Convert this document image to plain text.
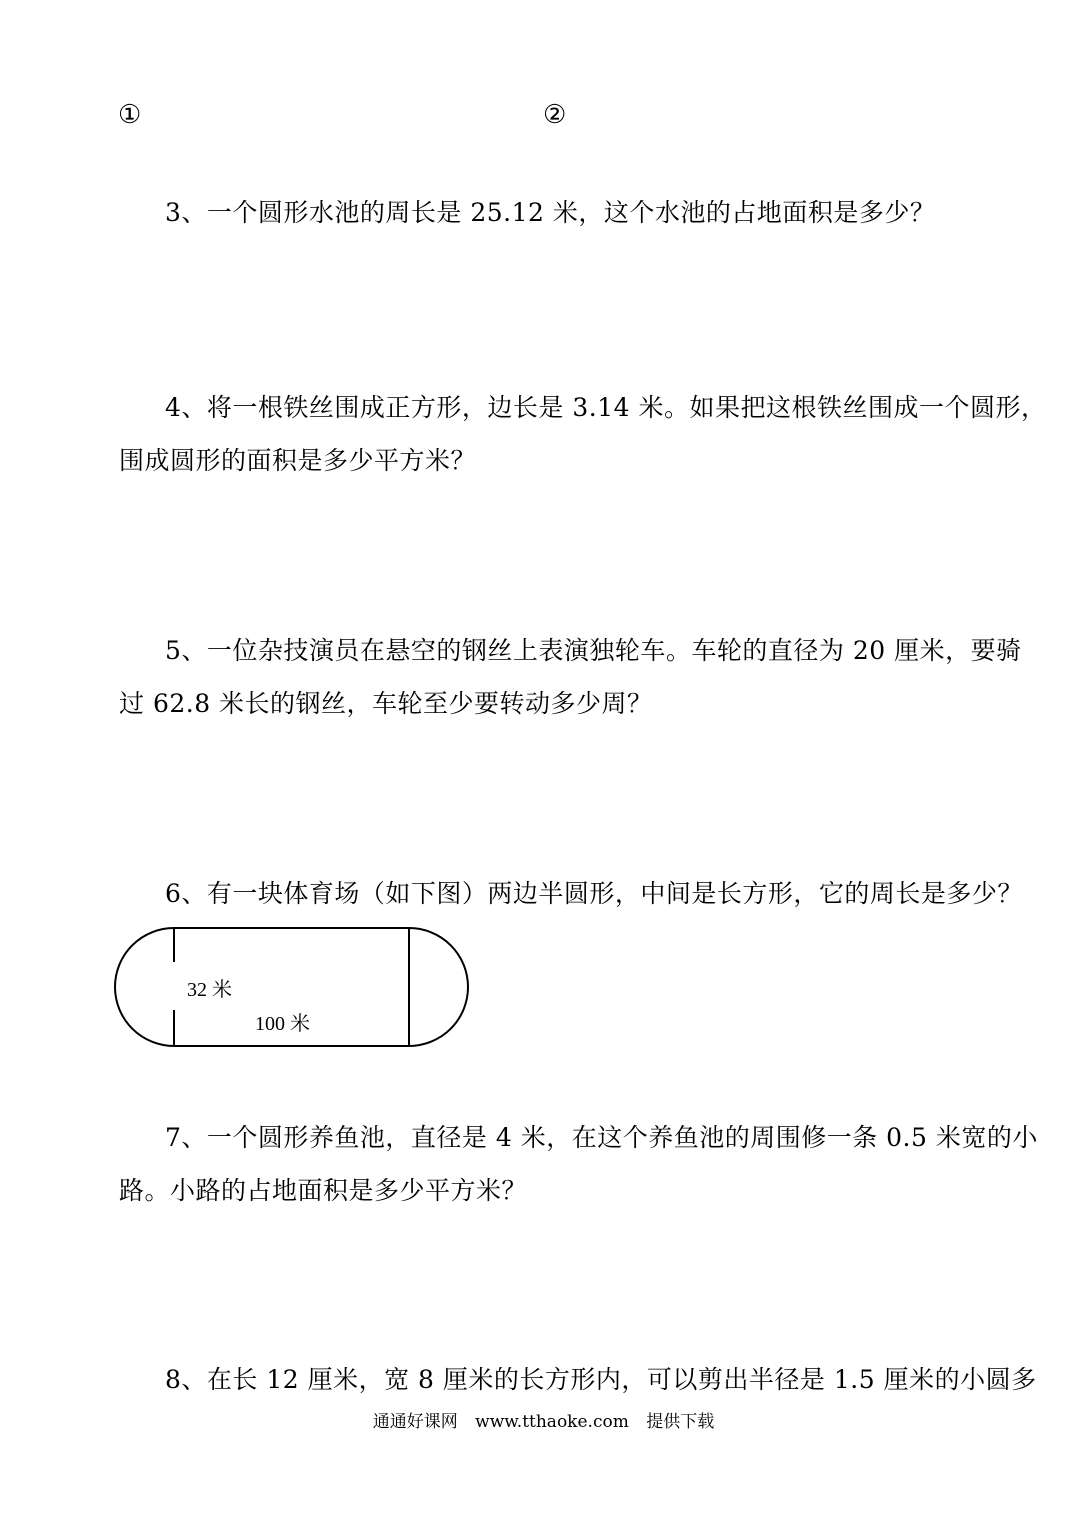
①	②
3、一个圆形水池的周长是 25.12 米，这个水池的占地面积是多少？
4、将一根铁丝围成正方形，边长是 3.14 米。如果把这根铁丝围成一个圆形，
围成圆形的面积是多少平方米？
5、一位杂技演员在悬空的钢丝上表演独轮车。车轮的直径为 20 厘米，要骑
过 62.8 米长的钢丝，车轮至少要转动多少周？
6、有一块体育场（如下图）两边半圆形，中间是长方形，它的周长是多少？
32 米
100 米
7、一个圆形养鱼池，直径是 4 米，在这个养鱼池的周围修一条 0.5 米宽的小
路。小路的占地面积是多少平方米？
8、在长 12 厘米，宽 8 厘米的长方形内，可以剪出半径是 1.5 厘米的小圆多
通通好课网 www.tthaoke.com 提供下载
